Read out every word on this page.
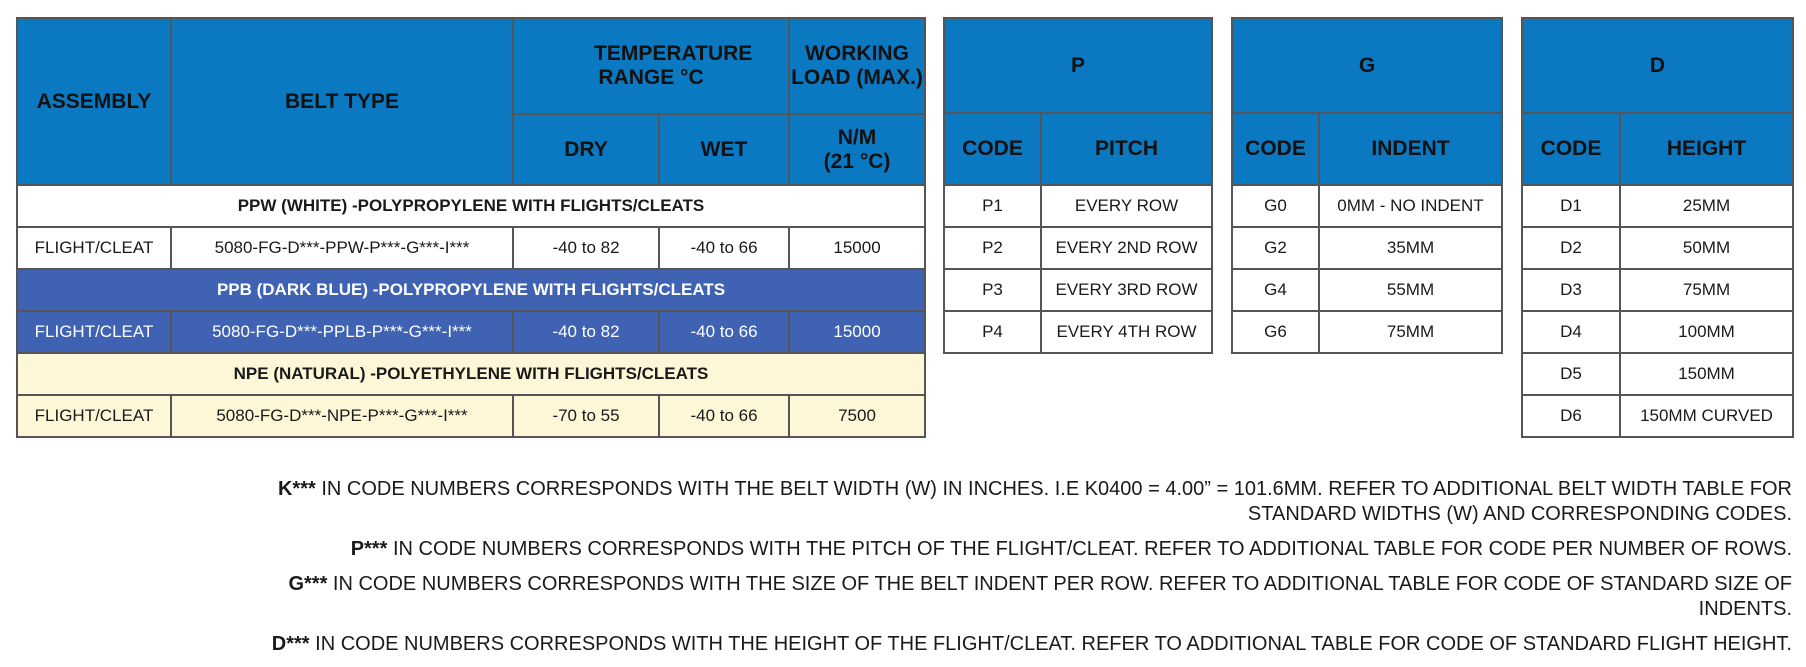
ASSEMBLY	BELT TYPE	TEMPERATURE RANGE °C		WORKING LOAD (MAX.)
		DRY	WET	N/M (21 °C)
PPW (WHITE) -POLYPROPYLENE WITH FLIGHTS/CLEATS				
FLIGHT/CLEAT	5080-FG-D***-PPW-P***-G***-I***	-40 to 82	-40 to 66	15000
PPB (DARK BLUE) -POLYPROPYLENE WITH FLIGHTS/CLEATS				
FLIGHT/CLEAT	5080-FG-D***-PPLB-P***-G***-I***	-40 to 82	-40 to 66	15000
NPE (NATURAL) -POLYETHYLENE WITH FLIGHTS/CLEATS				
FLIGHT/CLEAT	5080-FG-D***-NPE-P***-G***-I***	-70 to 55	-40 to 66	7500
P	
CODE	PITCH
P1	EVERY ROW
P2	EVERY 2ND ROW
P3	EVERY 3RD ROW
P4	EVERY 4TH ROW
G	
CODE	INDENT
G0	0MM - NO INDENT
G2	35MM
G4	55MM
G6	75MM
D	
CODE	HEIGHT
D1	25MM
D2	50MM
D3	75MM
D4	100MM
D5	150MM
D6	150MM CURVED

K*** IN CODE NUMBERS CORRESPONDS WITH THE BELT WIDTH (W) IN INCHES. I.E K0400 = 4.00” = 101.6MM. REFER TO ADDITIONAL BELT WIDTH TABLE FOR STANDARD WIDTHS (W) AND CORRESPONDING CODES.

P*** IN CODE NUMBERS CORRESPONDS WITH THE PITCH OF THE FLIGHT/CLEAT. REFER TO ADDITIONAL TABLE FOR CODE PER NUMBER OF ROWS.

G*** IN CODE NUMBERS CORRESPONDS WITH THE SIZE OF THE BELT INDENT PER ROW. REFER TO ADDITIONAL TABLE FOR CODE OF STANDARD SIZE OF INDENTS.

D*** IN CODE NUMBERS CORRESPONDS WITH THE HEIGHT OF THE FLIGHT/CLEAT. REFER TO ADDITIONAL TABLE FOR CODE OF STANDARD FLIGHT HEIGHT.
